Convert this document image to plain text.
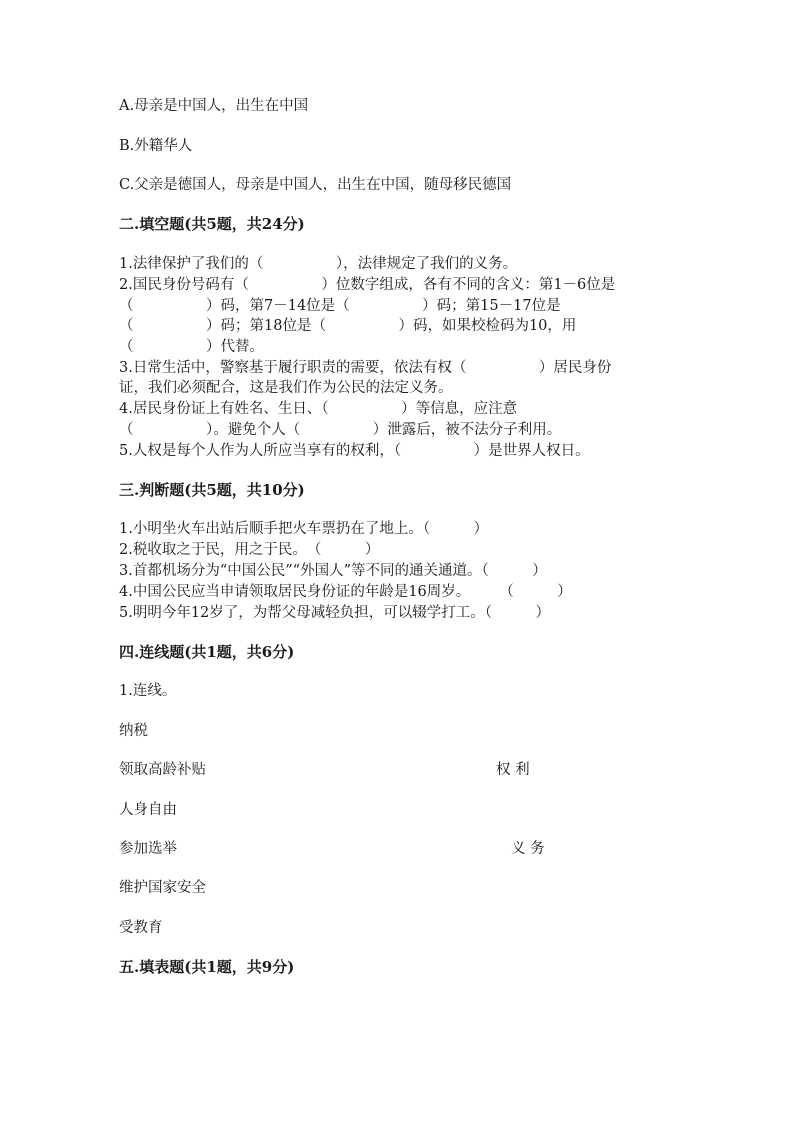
A.母亲是中国人，出生在中国
B.外籍华人
C.父亲是德国人，母亲是中国人，出生在中国，随母移民德国
二.填空题(共5题，共24分)
1.法律保护了我们的（　　　　　），法律规定了我们的义务。
2.国民身份号码有（　　　　　）位数字组成，各有不同的含义：第1－6位是
（　　　　　）码，第7－14位是（　　　　　）码；第15－17位是
（　　　　　）码；第18位是（　　　　　）码，如果校检码为10，用
（　　　　　）代替。
3.日常生活中，警察基于履行职责的需要，依法有权（　　　　　）居民身份
证，我们必须配合，这是我们作为公民的法定义务。
4.居民身份证上有姓名、生日、（　　　　　）等信息，应注意
（　　　　　）。避免个人（　　　　　）泄露后，被不法分子利用。
5.人权是每个人作为人所应当享有的权利，（　　　　　）是世界人权日。
三.判断题(共5题，共10分)
1.小明坐火车出站后顺手把火车票扔在了地上。（　　　）
2.税收取之于民，用之于民。　（　　　）
3.首都机场分为“中国公民”“外国人”等不同的通关通道。（　　　）
4.中国公民应当申请领取居民身份证的年龄是16周岁。　　　（　　　）
5.明明今年12岁了，为帮父母减轻负担，可以辍学打工。（　　　）
四.连线题(共1题，共6分)
1.连线。
纳税
领取高龄补贴	权 利
人身自由
参加选举	义 务
维护国家安全
受教育
五.填表题(共1题，共9分)
